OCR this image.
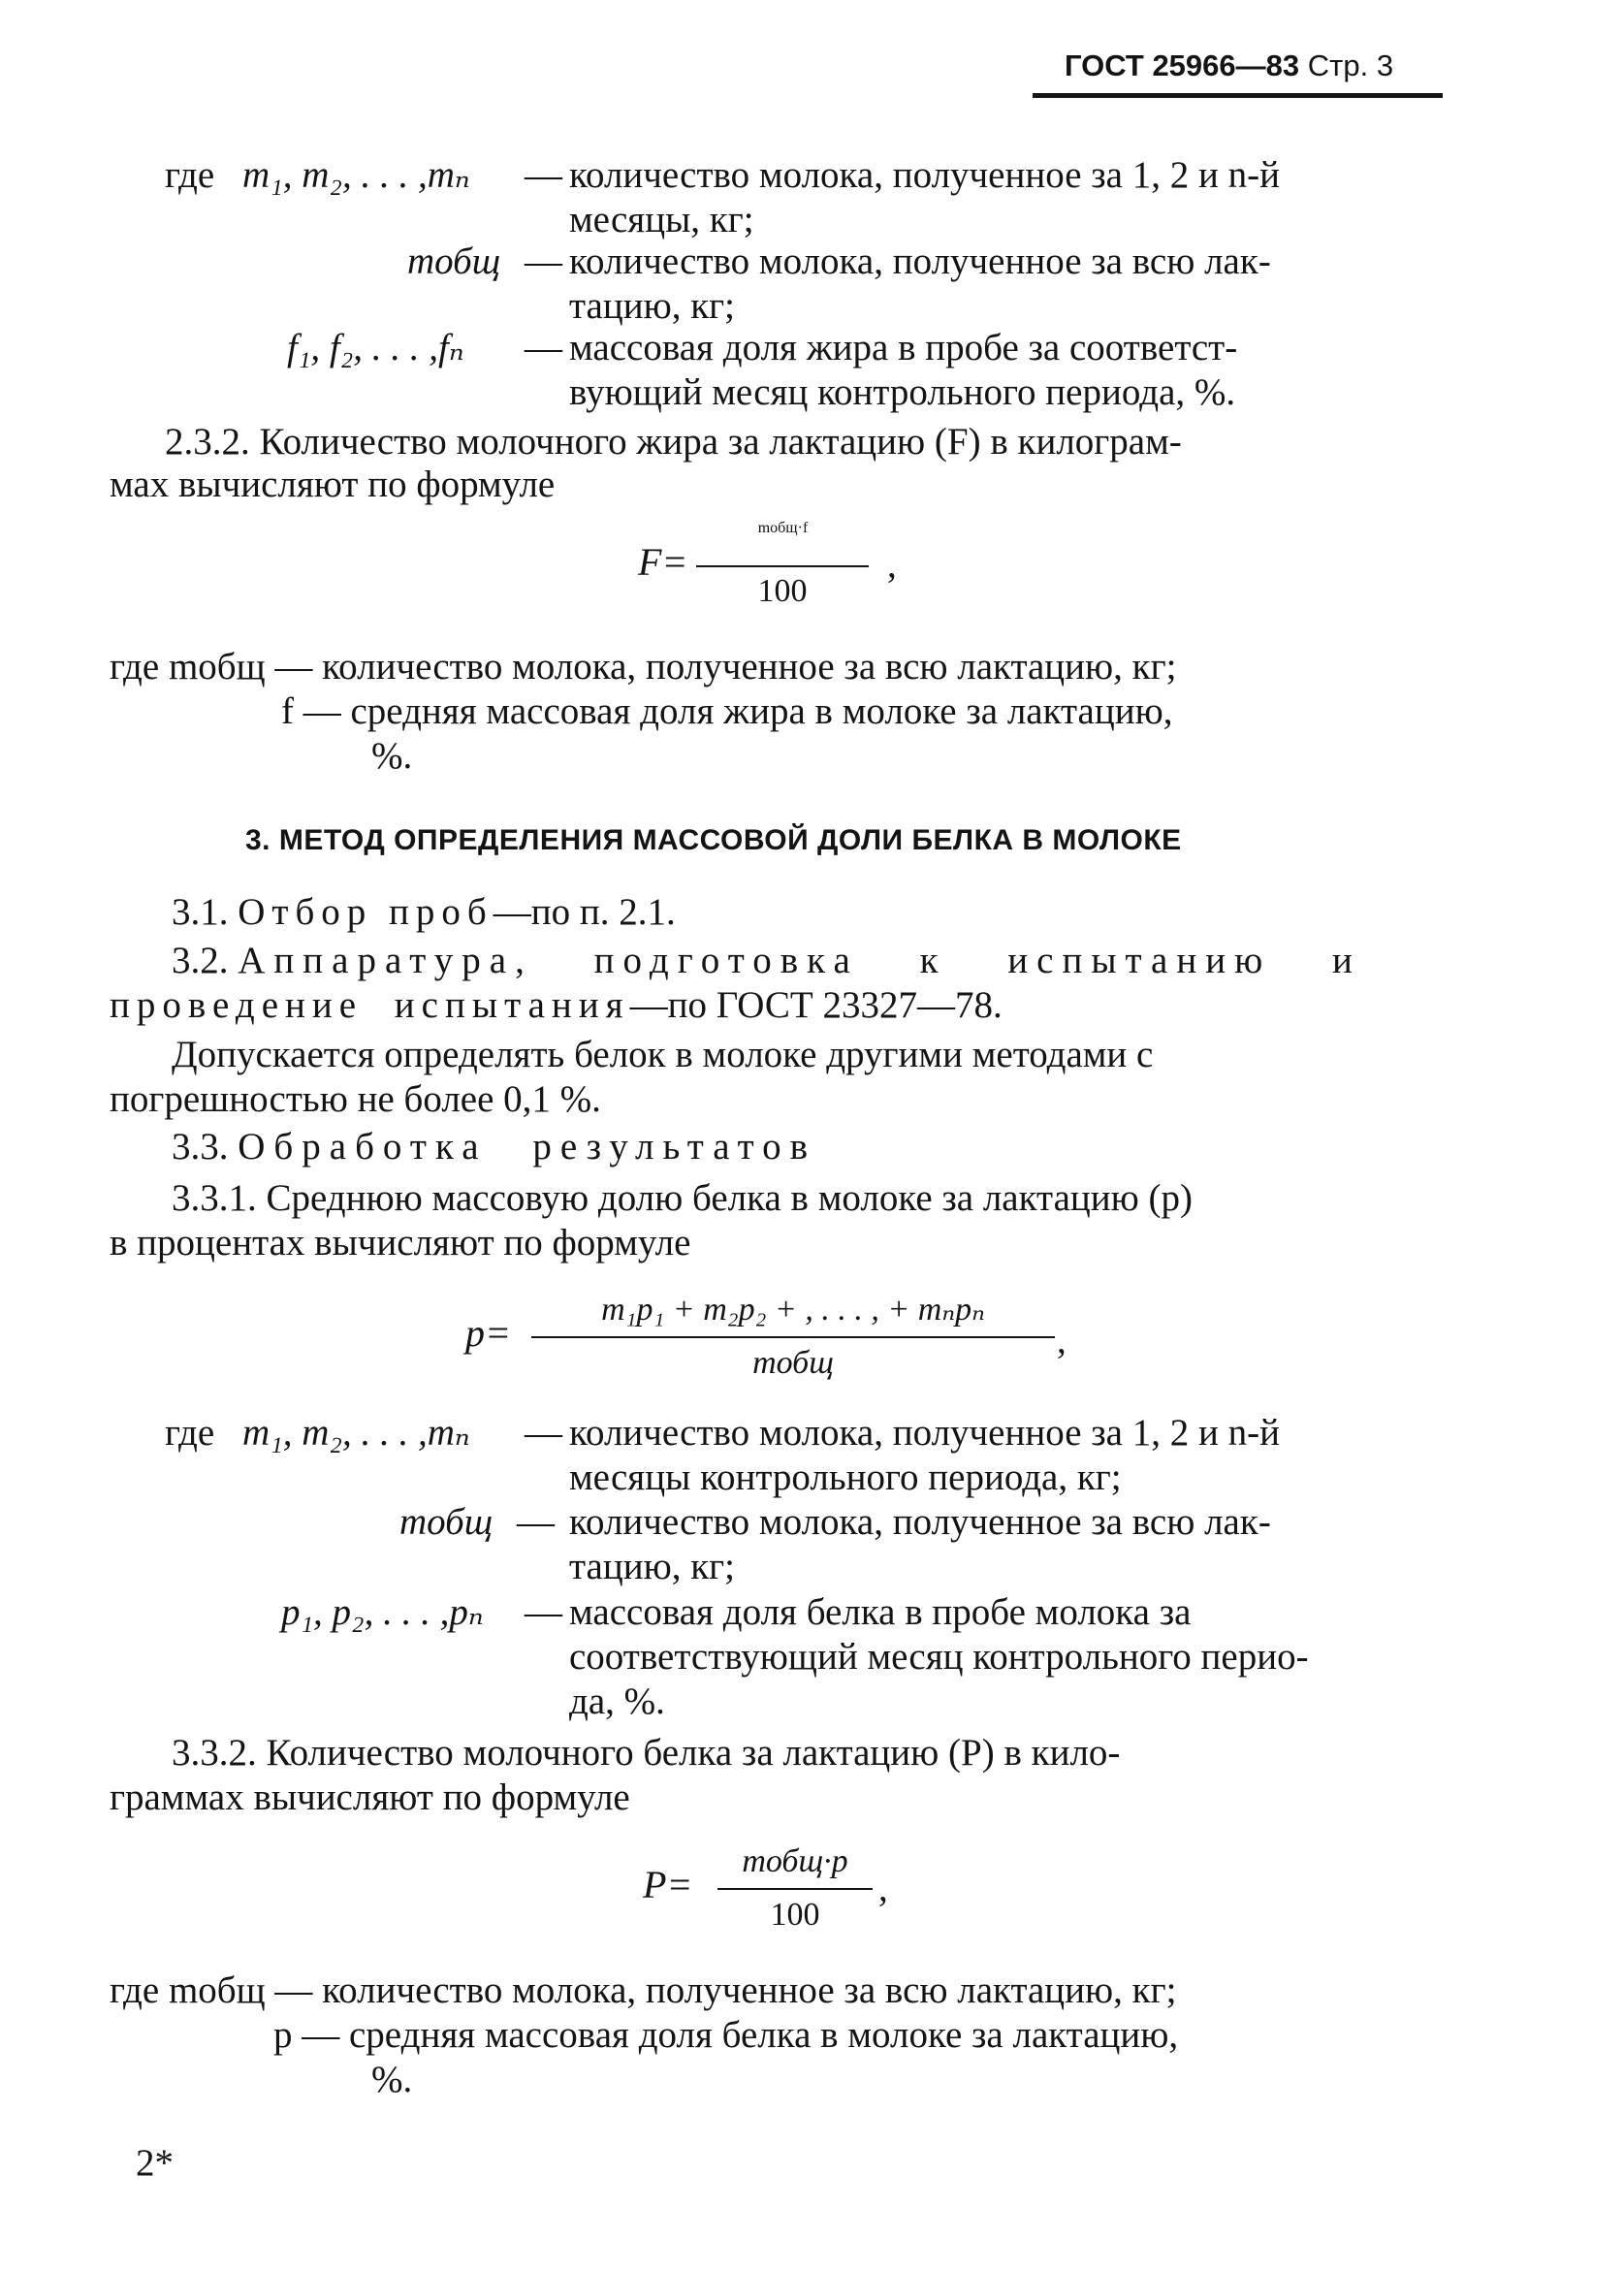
ГОСТ 25966—83 Стр. 3
где m₁, m₂, . . . ,mₙ — количество молока, полученное за 1, 2 и n-й
месяцы, кг;
mобщ — количество молока, полученное за всю лак-
тацию, кг;
f₁, f₂, . . . ,fₙ — массовая доля жира в пробе за соответст-
вующий месяц контрольного периода, %.
2.3.2. Количество молочного жира за лактацию (F) в килограм-
мах вычисляют по формуле
F=
mобщ·f
100
,
где mобщ — количество молока, полученное за всю лактацию, кг;
f — средняя массовая доля жира в молоке за лактацию,
%.
3. МЕТОД ОПРЕДЕЛЕНИЯ МАССОВОЙ ДОЛИ БЕЛКА В МОЛОКЕ
3.1. Отбор проб—по п. 2.1.
3.2. Аппаратура, подготовка к испытанию и
проведение испытания—по ГОСТ 23327—78.
Допускается определять белок в молоке другими методами с
погрешностью не более 0,1 %.
3.3. Обработка результатов
3.3.1. Среднюю массовую долю белка в молоке за лактацию (p)
в процентах вычисляют по формуле
p=
m₁p₁ + m₂p₂ + , . . . , + mₙpₙ
mобщ
,
где m₁, m₂, . . . ,mₙ — количество молока, полученное за 1, 2 и n-й
месяцы контрольного периода, кг;
mобщ — количество молока, полученное за всю лак-
тацию, кг;
p₁, p₂, . . . ,pₙ — массовая доля белка в пробе молока за
соответствующий месяц контрольного перио-
да, %.
3.3.2. Количество молочного белка за лактацию (P) в кило-
граммах вычисляют по формуле
P=
mобщ·p
100
,
где mобщ — количество молока, полученное за всю лактацию, кг;
p — средняя массовая доля белка в молоке за лактацию,
%.
2*
